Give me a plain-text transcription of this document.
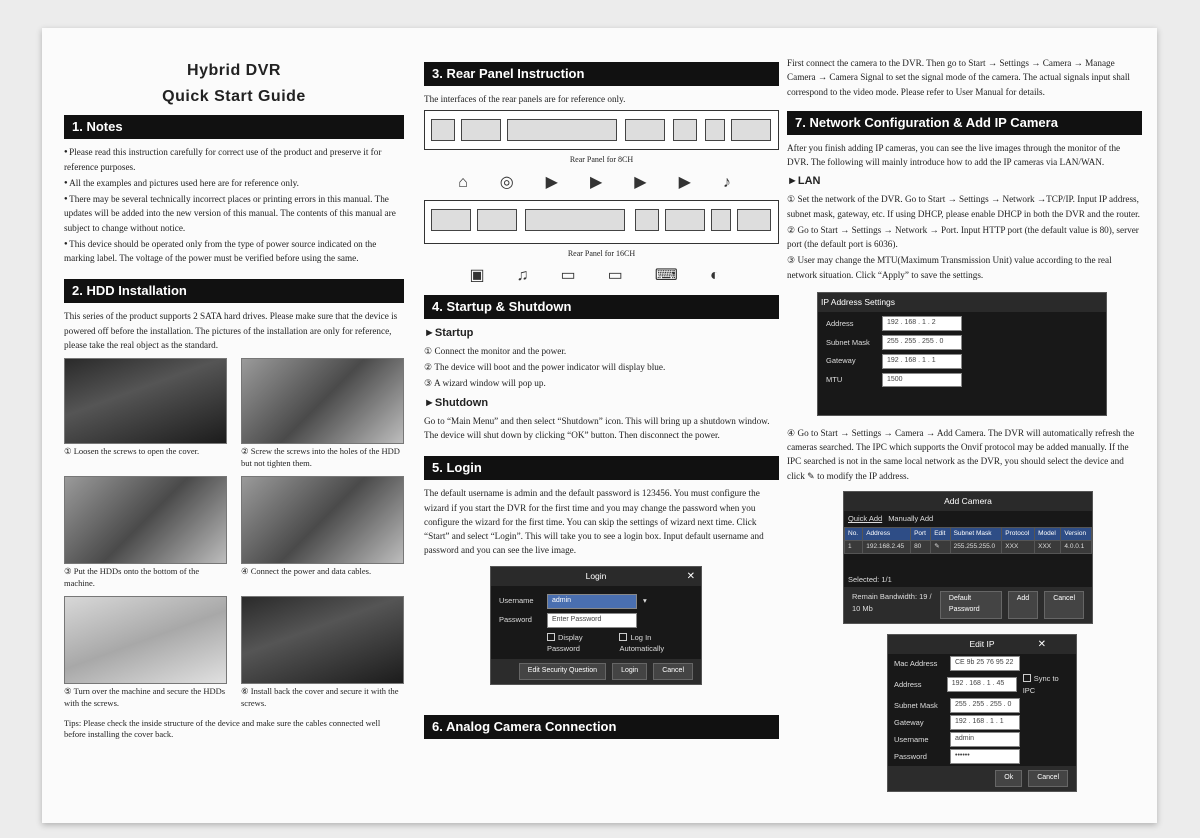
Hybrid DVR
Quick Start Guide
1. Notes

● Please read this instruction carefully for correct use of the product and preserve it for reference purposes.

● All the examples and pictures used here are for reference only.

● There may be several technically incorrect places or printing errors in this manual. The updates will be added into the new version of this manual. The contents of this manual are subject to change without notice.

● This device should be operated only from the type of power source indicated on the marking label. The voltage of the power must be verified before using the same.

2. HDD Installation

This series of the product supports 2 SATA hard drives. Please make sure that the device is powered off before the installation. The pictures of the installation are only for reference, please take the real object as the standard.

① Loosen the screws to open the cover.	② Screw the screws into the holes of the HDD but not tighten them.
③ Put the HDDs onto the bottom of the machine.
④ Connect the power and data cables.
⑤ Turn over the machine and secure the HDDs with the screws.
⑥ Install back the cover and secure it with the screws.

Tips: Please check the inside structure of the device and make sure the cables connected well before installing the cover back.

3. Rear Panel Instruction

The interfaces of the rear panels are for reference only.

Rear Panel for 8CH
⌂ ◎ ▶ ▶ ▶ ▶ ♪
Rear Panel for 16CH
▣ ♫ ▭ ▭ ⌨ ◐
4. Startup & Shutdown
►Startup

① Connect the monitor and the power.

② The device will boot and the power indicator will display blue.

③ A wizard window will pop up.

►Shutdown

Go to “Main Menu” and then select “Shutdown” icon. This will bring up a shutdown window. The device will shut down by clicking “OK” button. Then disconnect the power.

5. Login

The default username is admin and the default password is 123456. You must configure the wizard if you start the DVR for the first time and you may change the password when you configure the wizard for the first time. You can skip the settings of wizard next time. Click “Start” and select “Login”. This will take you to see a login box. Input default username and password and you can see the live image.

Login
Username	admin	▾
Password	Enter Password
Display Password
Log In Automatically
Edit Security Question	Login	Cancel
✕
6. Analog Camera Connection

First connect the camera to the DVR. Then go to Start → Settings → Camera → Manage Camera → Camera Signal to set the signal mode of the camera. The actual signals input shall correspond to the video mode. Please refer to User Manual for details.

7. Network Configuration & Add IP Camera

After you finish adding IP cameras, you can see the live images through the monitor of the DVR. The following will mainly introduce how to add the IP cameras via LAN/WAN.

►LAN

① Set the network of the DVR. Go to Start → Settings → Network →TCP/IP. Input IP address, subnet mask, gateway, etc. If using DHCP, please enable DHCP in both the DVR and the router.

② Go to Start → Settings → Network → Port. Input HTTP port (the default value is 80), server port (the default port is 6036).

③ User may change the MTU(Maximum Transmission Unit) value according to the real network situation. Click “Apply” to save the settings.

IP Address Settings
Address	192 . 168 . 1 . 2
Subnet Mask	255 . 255 . 255 . 0
Gateway	192 . 168 . 1 . 1
MTU	1500

④ Go to Start → Settings → Camera → Add Camera. The DVR will automatically refresh the cameras searched. The IPC which supports the Onvif protocol may be added manually. If the IPC searched is not in the same local network as the DVR, you should select the device and click ✎ to modify the IP address.

Add Camera
Quick Add Manually Add
No.	Address	Port	Edit	Subnet Mask	Protocol	Model	Version
1	192.168.2.45	80	✎	255.255.255.0	XXX	XXX	4.0.0.1
Selected: 1/1
Remain Bandwidth: 19 / 10 Mb
Default Password
Add	Cancel
Edit IP
Mac Address	CE 9b 25 76 95 22
Address	192 . 168 . 1 . 45
Sync to IPC
Subnet Mask	255 . 255 . 255 . 0
Gateway	192 . 168 . 1 . 1
Username	admin
Password	••••••
Ok	Cancel
✕
